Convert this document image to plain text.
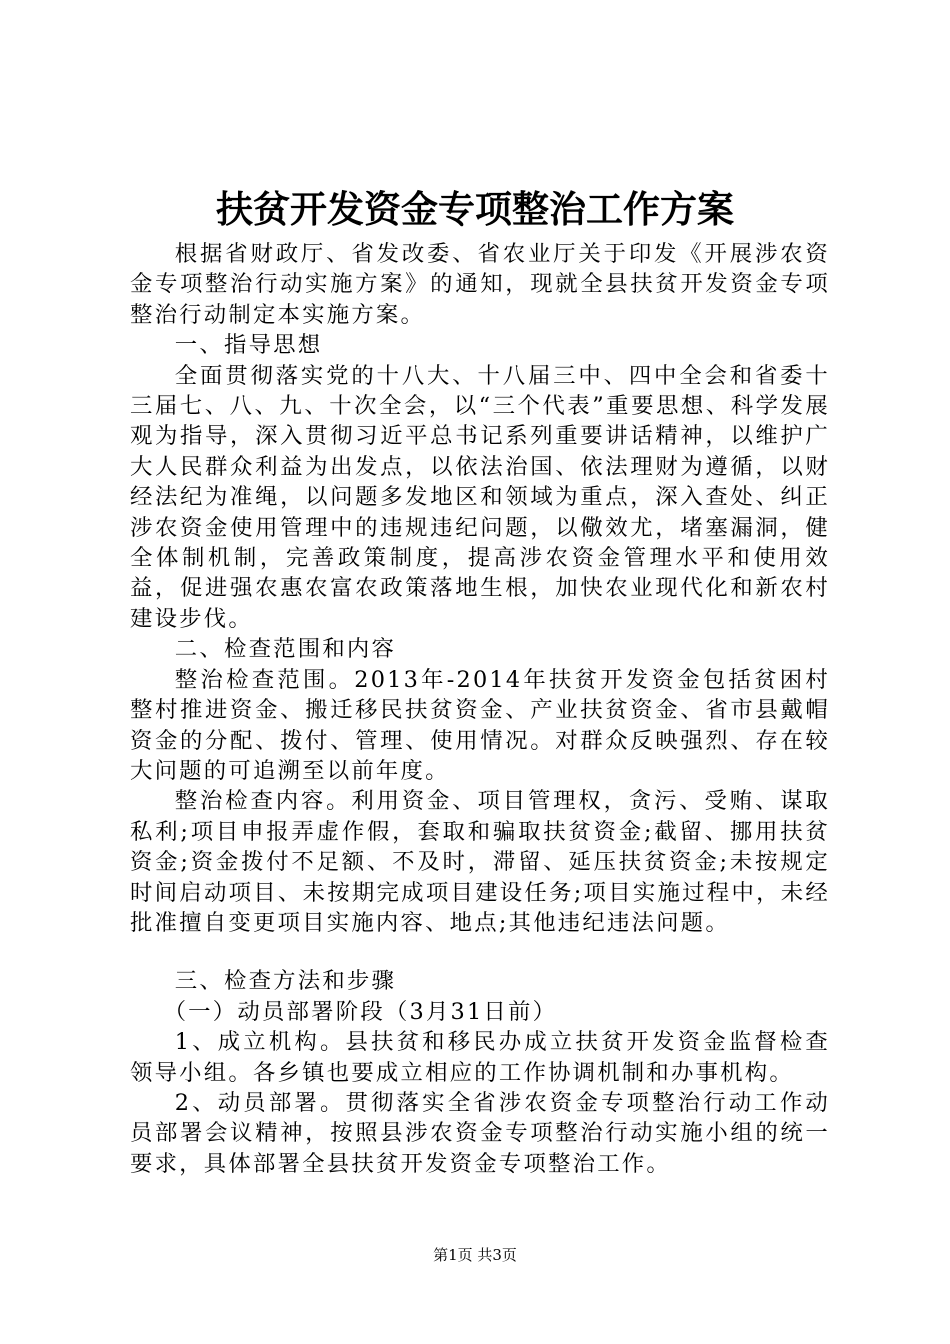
扶贫开发资金专项整治工作方案

根据省财政厅、省发改委、省农业厅关于印发《开展涉农资金专项整治行动实施方案》的通知，现就全县扶贫开发资金专项整治行动制定本实施方案。

一、指导思想

全面贯彻落实党的十八大、十八届三中、四中全会和省委十三届七、八、九、十次全会，以“三个代表”重要思想、科学发展观为指导，深入贯彻习近平总书记系列重要讲话精神，以维护广大人民群众利益为出发点，以依法治国、依法理财为遵循，以财经法纪为准绳，以问题多发地区和领域为重点，深入查处、纠正涉农资金使用管理中的违规违纪问题，以儆效尤，堵塞漏洞，健全体制机制，完善政策制度，提高涉农资金管理水平和使用效益，促进强农惠农富农政策落地生根，加快农业现代化和新农村建设步伐。

二、检查范围和内容

整治检查范围。2013年-2014年扶贫开发资金包括贫困村整村推进资金、搬迁移民扶贫资金、产业扶贫资金、省市县戴帽资金的分配、拨付、管理、使用情况。对群众反映强烈、存在较大问题的可追溯至以前年度。

整治检查内容。利用资金、项目管理权，贪污、受贿、谋取私利;项目申报弄虚作假，套取和骗取扶贫资金;截留、挪用扶贫资金;资金拨付不足额、不及时，滞留、延压扶贫资金;未按规定时间启动项目、未按期完成项目建设任务;项目实施过程中，未经批准擅自变更项目实施内容、地点;其他违纪违法问题。

三、检查方法和步骤

（一）动员部署阶段（3月31日前）

1、成立机构。县扶贫和移民办成立扶贫开发资金监督检查领导小组。各乡镇也要成立相应的工作协调机制和办事机构。

2、动员部署。贯彻落实全省涉农资金专项整治行动工作动员部署会议精神，按照县涉农资金专项整治行动实施小组的统一要求，具体部署全县扶贫开发资金专项整治工作。

第1页 共3页
